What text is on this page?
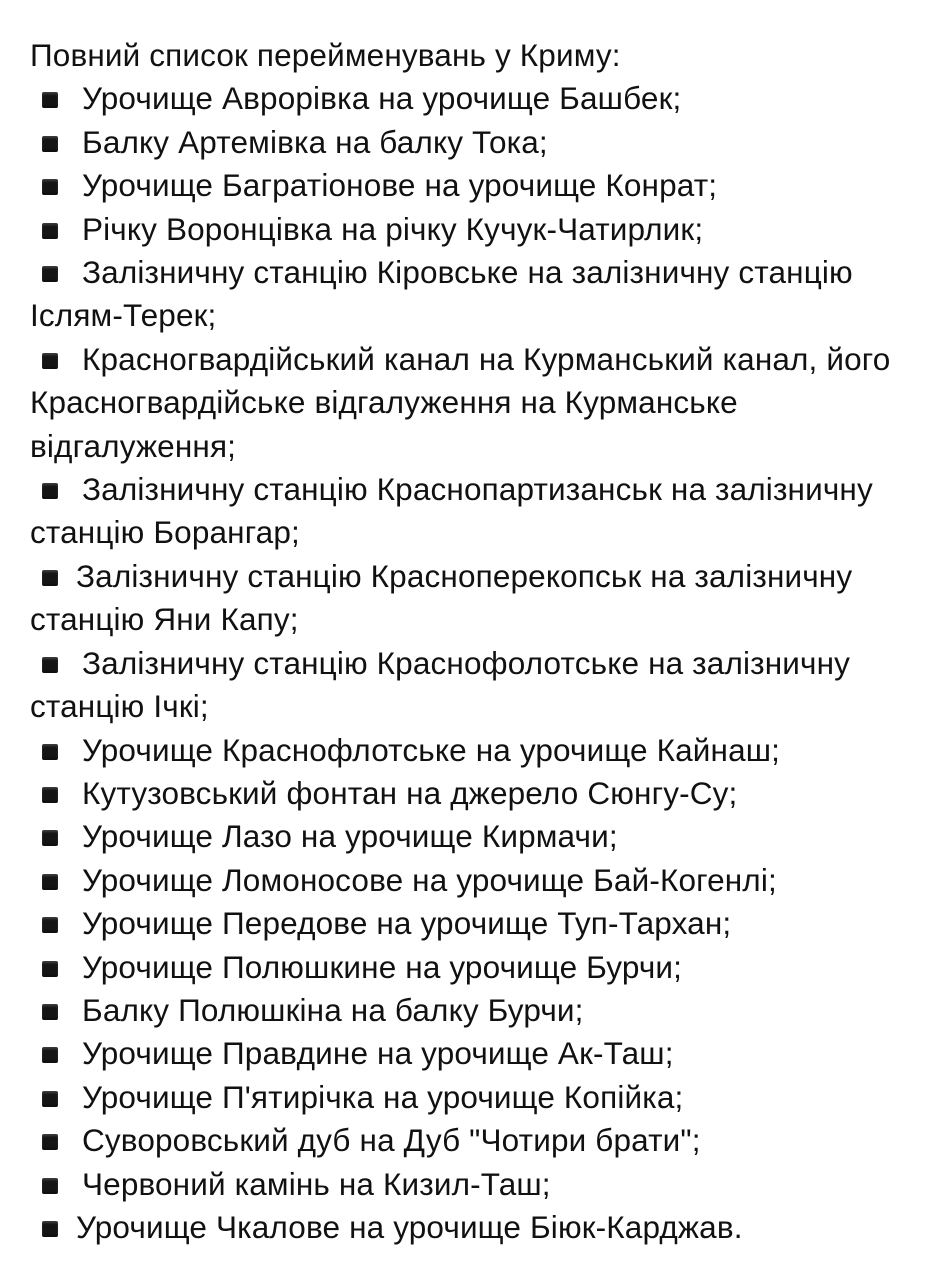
Повний список перейменувань у Криму:

Урочище Аврорівка на урочище Башбек;

Балку Артемівка на балку Тока;

Урочище Багратіонове на урочище Конрат;

Річку Воронцівка на річку Кучук-Чатирлик;

Залізничну станцію Кіровське на залізничну станцію Іслям-Терек;

Красногвардійський канал на Курманський канал, його Красногвардійське відгалуження на Курманське відгалуження;

Залізничну станцію Краснопартизанськ на залізничну станцію Борангар;

Залізничну станцію Красноперекопськ на залізничну станцію Яни Капу;

Залізничну станцію Краснофолотське на залізничну станцію Ічкі;

Урочище Краснофлотське на урочище Кайнаш;

Кутузовський фонтан на джерело Сюнгу-Су;

Урочище Лазо на урочище Кирмачи;

Урочище Ломоносове на урочище Бай-Когенлі;

Урочище Передове на урочище Туп-Тархан;

Урочище Полюшкине на урочище Бурчи;

Балку Полюшкіна на балку Бурчи;

Урочище Правдине на урочище Ак-Таш;

Урочище П'ятирічка на урочище Копійка;

Суворовський дуб на Дуб "Чотири брати";

Червоний камінь на Кизил-Таш;

Урочище Чкалове на урочище Біюк-Карджав.
